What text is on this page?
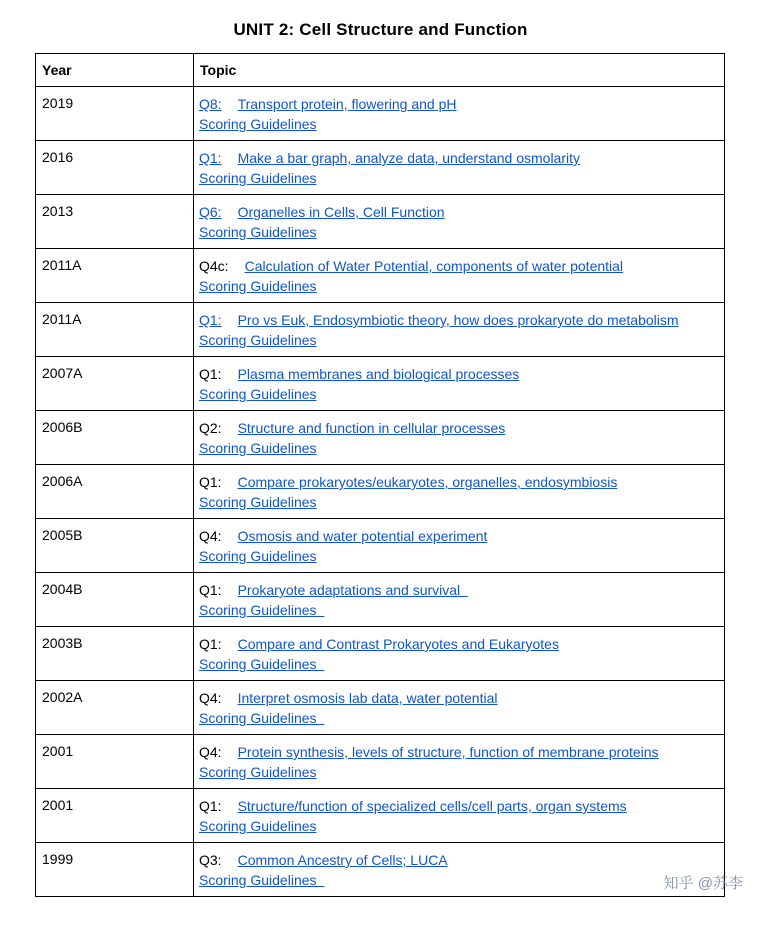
UNIT 2: Cell Structure and Function
Year	Topic
2019	Q8: Transport protein, flowering and pH
Scoring Guidelines

2016	Q1: Make a bar graph, analyze data, understand osmolarity
Scoring Guidelines

2013	Q6: Organelles in Cells, Cell Function
Scoring Guidelines

2011A	Q4c: Calculation of Water Potential, components of water potential
Scoring Guidelines

2011A	Q1: Pro vs Euk, Endosymbiotic theory, how does prokaryote do metabolism
Scoring Guidelines

2007A	Q1: Plasma membranes and biological processes
Scoring Guidelines

2006B	Q2: Structure and function in cellular processes
Scoring Guidelines

2006A	Q1: Compare prokaryotes/eukaryotes, organelles, endosymbiosis
Scoring Guidelines

2005B	Q4: Osmosis and water potential experiment
Scoring Guidelines

2004B	Q1: Prokaryote adaptations and survival
Scoring Guidelines

2003B	Q1: Compare and Contrast Prokaryotes and Eukaryotes
Scoring Guidelines

2002A	Q4: Interpret osmosis lab data, water potential
Scoring Guidelines

2001	Q4: Protein synthesis, levels of structure, function of membrane proteins
Scoring Guidelines

2001	Q1: Structure/function of specialized cells/cell parts, organ systems
Scoring Guidelines

1999	Q3: Common Ancestry of Cells; LUCA
Scoring Guidelines	知乎 @苏李
